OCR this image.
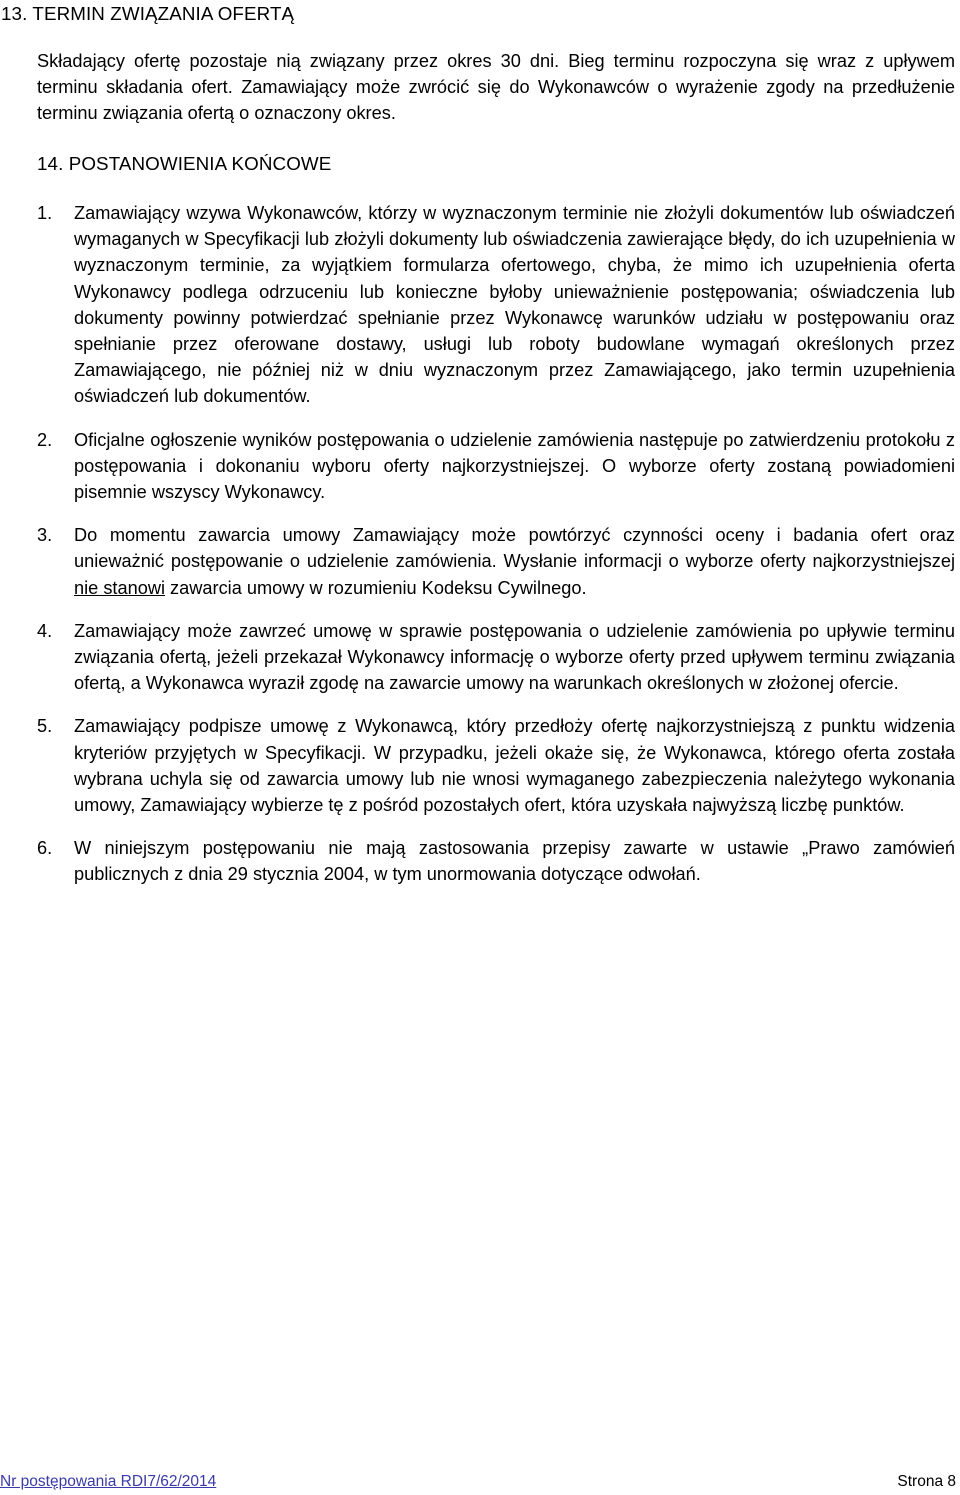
13. TERMIN ZWIĄZANIA OFERTĄ
Składający ofertę pozostaje nią związany przez okres 30 dni. Bieg terminu rozpoczyna się wraz z upływem terminu składania ofert. Zamawiający może zwrócić się do Wykonawców o wyrażenie zgody na przedłużenie terminu związania ofertą o oznaczony okres.
14. POSTANOWIENIA KOŃCOWE
1. Zamawiający wzywa Wykonawców, którzy w wyznaczonym terminie nie złożyli dokumentów lub oświadczeń wymaganych w Specyfikacji lub złożyli dokumenty lub oświadczenia zawierające błędy, do ich uzupełnienia w wyznaczonym terminie, za wyjątkiem formularza ofertowego, chyba, że mimo ich uzupełnienia oferta Wykonawcy podlega odrzuceniu lub konieczne byłoby unieważnienie postępowania; oświadczenia lub dokumenty powinny potwierdzać spełnianie przez Wykonawcę warunków udziału w postępowaniu oraz spełnianie przez oferowane dostawy, usługi lub roboty budowlane wymagań określonych przez Zamawiającego, nie później niż w dniu wyznaczonym przez Zamawiającego, jako termin uzupełnienia oświadczeń lub dokumentów.
2. Oficjalne ogłoszenie wyników postępowania o udzielenie zamówienia następuje po zatwierdzeniu protokołu z postępowania i dokonaniu wyboru oferty najkorzystniejszej. O wyborze oferty zostaną powiadomieni pisemnie wszyscy Wykonawcy.
3. Do momentu zawarcia umowy Zamawiający może powtórzyć czynności oceny i badania ofert oraz unieważnić postępowanie o udzielenie zamówienia. Wysłanie informacji o wyborze oferty najkorzystniejszej nie stanowi zawarcia umowy w rozumieniu Kodeksu Cywilnego.
4. Zamawiający może zawrzeć umowę w sprawie postępowania o udzielenie zamówienia po upływie terminu związania ofertą, jeżeli przekazał Wykonawcy informację o wyborze oferty przed upływem terminu związania ofertą, a Wykonawca wyraził zgodę na zawarcie umowy na warunkach określonych w złożonej ofercie.
5. Zamawiający podpisze umowę z Wykonawcą, który przedłoży ofertę najkorzystniejszą z punktu widzenia kryteriów przyjętych w Specyfikacji. W przypadku, jeżeli okaże się, że Wykonawca, którego oferta została wybrana uchyla się od zawarcia umowy lub nie wnosi wymaganego zabezpieczenia należytego wykonania umowy, Zamawiający wybierze tę z pośród pozostałych ofert, która uzyskała najwyższą liczbę punktów.
6. W niniejszym postępowaniu nie mają zastosowania przepisy zawarte w ustawie „Prawo zamówień publicznych z dnia 29 stycznia 2004, w tym unormowania dotyczące odwołań.
Nr postępowania RDI7/62/2014	Strona 8
